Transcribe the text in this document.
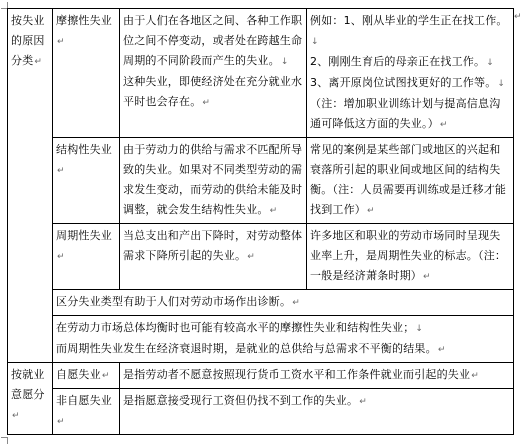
按失业的原因分类↵	摩擦性失业↵	由于人们在各地区之间、各种工作职位之间不停变动，或者处在跨越生命周期的不同阶段而产生的失业。↓
这种失业，即使经济处在充分就业水平时也会存在。↵	例如：1、刚从毕业的学生正在找工作。↓
2、刚刚生育后的母亲正在找工作。↓
3、离开原岗位试图找更好的工作等。↓
（注：增加职业训练计划与提高信息沟通可降低这方面的失业。）↵

	结构性失业↵	由于劳动力的供给与需求不匹配所导致的失业。如果对不同类型劳动的需求发生变动，而劳动的供给未能及时调整，就会发生结构性失业。↵	常见的案例是某些部门或地区的兴起和衰落所引起的职业间或地区间的结构失衡。（注：人员需要再训练或是迁移才能找到工作）↵
	周期性失业↵	当总支出和产出下降时，对劳动整体需求下降所引起的失业。↵	许多地区和职业的劳动市场同时呈现失业率上升，是周期性失业的标志。（注：一般是经济萧条时期）↵
	区分失业类型有助于人们对劳动市场作出诊断。↵		

	在劳动力市场总体均衡时也可能有较高水平的摩擦性失业和结构性失业；↓
而周期性失业发生在经济衰退时期，是就业的总供给与总需求不平衡的结果。↵		

按就业意愿分↵	自愿失业↵	是指劳动者不愿意按照现行货币工资水平和工作条件就业而引起的失业↵	
	非自愿失业↵	是指愿意接受现行工资但仍找不到工作的失业。↵	
↵
